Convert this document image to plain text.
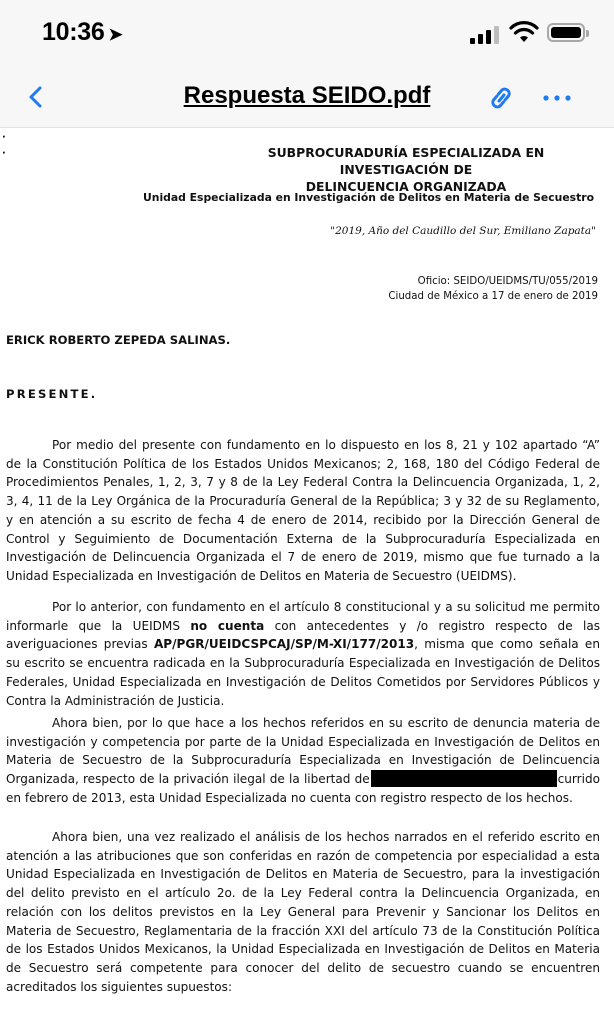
10:36 ➤
Respuesta SEIDO.pdf
·
·	SUBPROCURADURÍA ESPECIALIZADA EN INVESTIGACIÓN DE
DELINCUENCIA ORGANIZADA
Unidad Especializada en Investigación de Delitos en Materia de Secuestro
"2019, Año del Caudillo del Sur, Emiliano Zapata"
Oficio: SEIDO/UEIDMS/TU/055/2019
Ciudad de México a 17 de enero de 2019
ERICK ROBERTO ZEPEDA SALINAS.
PRESENTE.
Por medio del presente con fundamento en lo dispuesto en los 8, 21 y 102 apartado “A” de la Constitución Política de los Estados Unidos Mexicanos; 2, 168, 180 del Código Federal de Procedimientos Penales, 1, 2, 3, 7 y 8 de la Ley Federal Contra la Delincuencia Organizada, 1, 2, 3, 4, 11 de la Ley Orgánica de la Procuraduría General de la República; 3 y 32 de su Reglamento, y en atención a su escrito de fecha 4 de enero de 2014, recibido por la Dirección General de Control y Seguimiento de Documentación Externa de la Subprocuraduría Especializada en Investigación de Delincuencia Organizada el 7 de enero de 2019, mismo que fue turnado a la Unidad Especializada en Investigación de Delitos en Materia de Secuestro (UEIDMS).
Por lo anterior, con fundamento en el artículo 8 constitucional y a su solicitud me permito informarle que la UEIDMS no cuenta con antecedentes y /o registro respecto de las averiguaciones previas AP/PGR/UEIDCSPCAJ/SP/M-XI/177/2013, misma que como señala en su escrito se encuentra radicada en la Subprocuraduría Especializada en Investigación de Delitos Federales, Unidad Especializada en Investigación de Delitos Cometidos por Servidores Públicos y Contra la Administración de Justicia.
Ahora bien, por lo que hace a los hechos referidos en su escrito de denuncia materia de investigación y competencia por parte de la Unidad Especializada en Investigación de Delitos en Materia de Secuestro de la Subprocuraduría Especializada en Investigación de Delincuencia Organizada, respecto de la privación ilegal de la libertad de	currido en febrero de 2013, esta Unidad Especializada no cuenta con registro respecto de los hechos.
Ahora bien, una vez realizado el análisis de los hechos narrados en el referido escrito en atención a las atribuciones que son conferidas en razón de competencia por especialidad a esta Unidad Especializada en Investigación de Delitos en Materia de Secuestro, para la investigación del delito previsto en el artículo 2o. de la Ley Federal contra la Delincuencia Organizada, en relación con los delitos previstos en la Ley General para Prevenir y Sancionar los Delitos en Materia de Secuestro, Reglamentaria de la fracción XXI del artículo 73 de la Constitución Política de los Estados Unidos Mexicanos, la Unidad Especializada en Investigación de Delitos en Materia de Secuestro será competente para conocer del delito de secuestro cuando se encuentren acreditados los siguientes supuestos:
